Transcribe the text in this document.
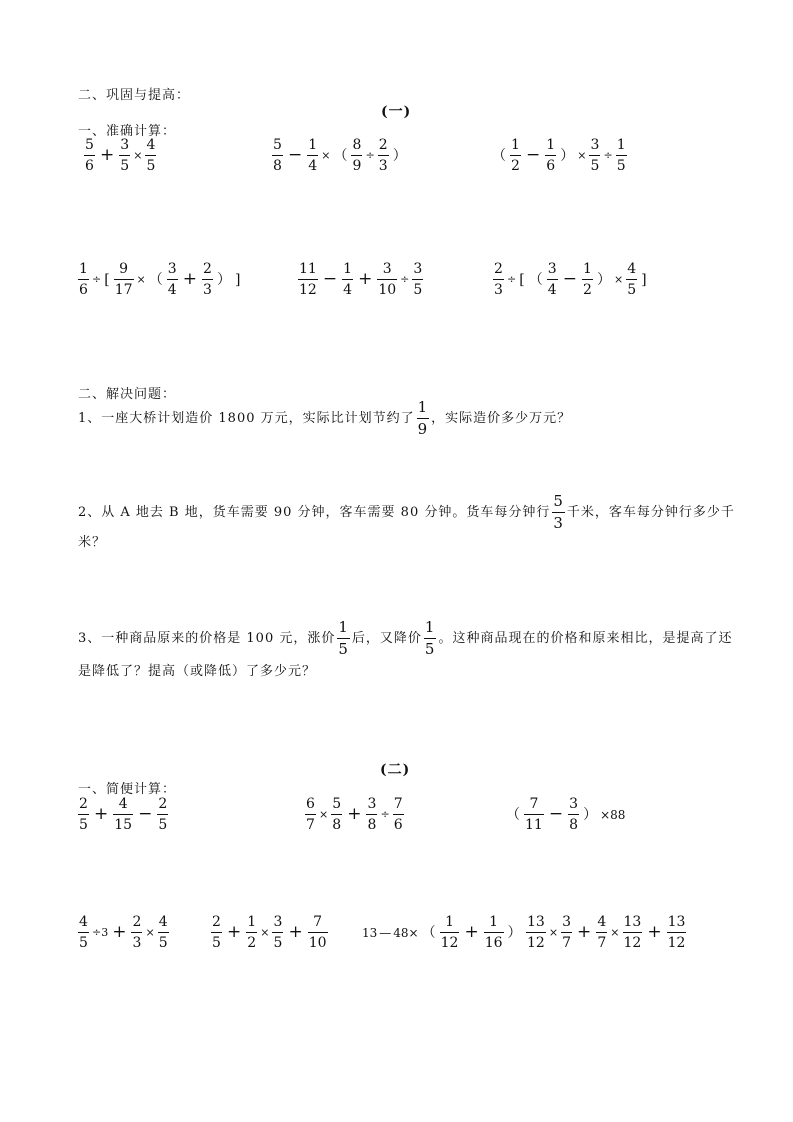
二、巩固与提高：
(一)
一、准确计算：
$\frac{5}{6} + \frac{3}{5} \times \frac{4}{5}$	$\frac{5}{8} - \frac{1}{4}$ × （ $\frac{8}{9} \div \frac{2}{3}$ ）	（ $\frac{1}{2} - \frac{1}{6}$ ） × $\frac{3}{5} \div \frac{1}{5}$
$\frac{1}{6}$ ÷ [ $\frac{9}{17}$ × （ $\frac{3}{4} + \frac{2}{3}$ ） ]	$\frac{11}{12} - \frac{1}{4} + \frac{3}{10} \div \frac{3}{5}$	$\frac{2}{3}$ ÷ [ （ $\frac{3}{4} - \frac{1}{2}$ ） × $\frac{4}{5}$ ]
二、解决问题：
1、一座大桥计划造价 1800 万元，实际比计划节约了 $\frac{1}{9}$ ，实际造价多少万元？
2、从 A 地去 B 地，货车需要 90 分钟，客车需要 80 分钟。货车每分钟行 $\frac{5}{3}$ 千米，客车每分钟行多少千
米？
3、一种商品原来的价格是 100 元，涨价 $\frac{1}{5}$ 后，又降价 $\frac{1}{5}$ 。这种商品现在的价格和原来相比，是提高了还
是降低了？提高（或降低）了多少元？
(二)
一、简便计算：
$\frac{2}{5} + \frac{4}{15} - \frac{2}{5}$	$\frac{6}{7} \times \frac{5}{8} + \frac{3}{8} \div \frac{7}{6}$	（ $\frac{7}{11} - \frac{3}{8}$ ） ×88
$\frac{4}{5} \div 3 + \frac{2}{3} \times \frac{4}{5}$	$\frac{2}{5} + \frac{1}{2} \times \frac{3}{5} + \frac{7}{10}$	13 — 48× （ $\frac{1}{12} + \frac{1}{16}$ ） $\frac{13}{12} \times \frac{3}{7} + \frac{4}{7} \times \frac{13}{12} + \frac{13}{12}$
